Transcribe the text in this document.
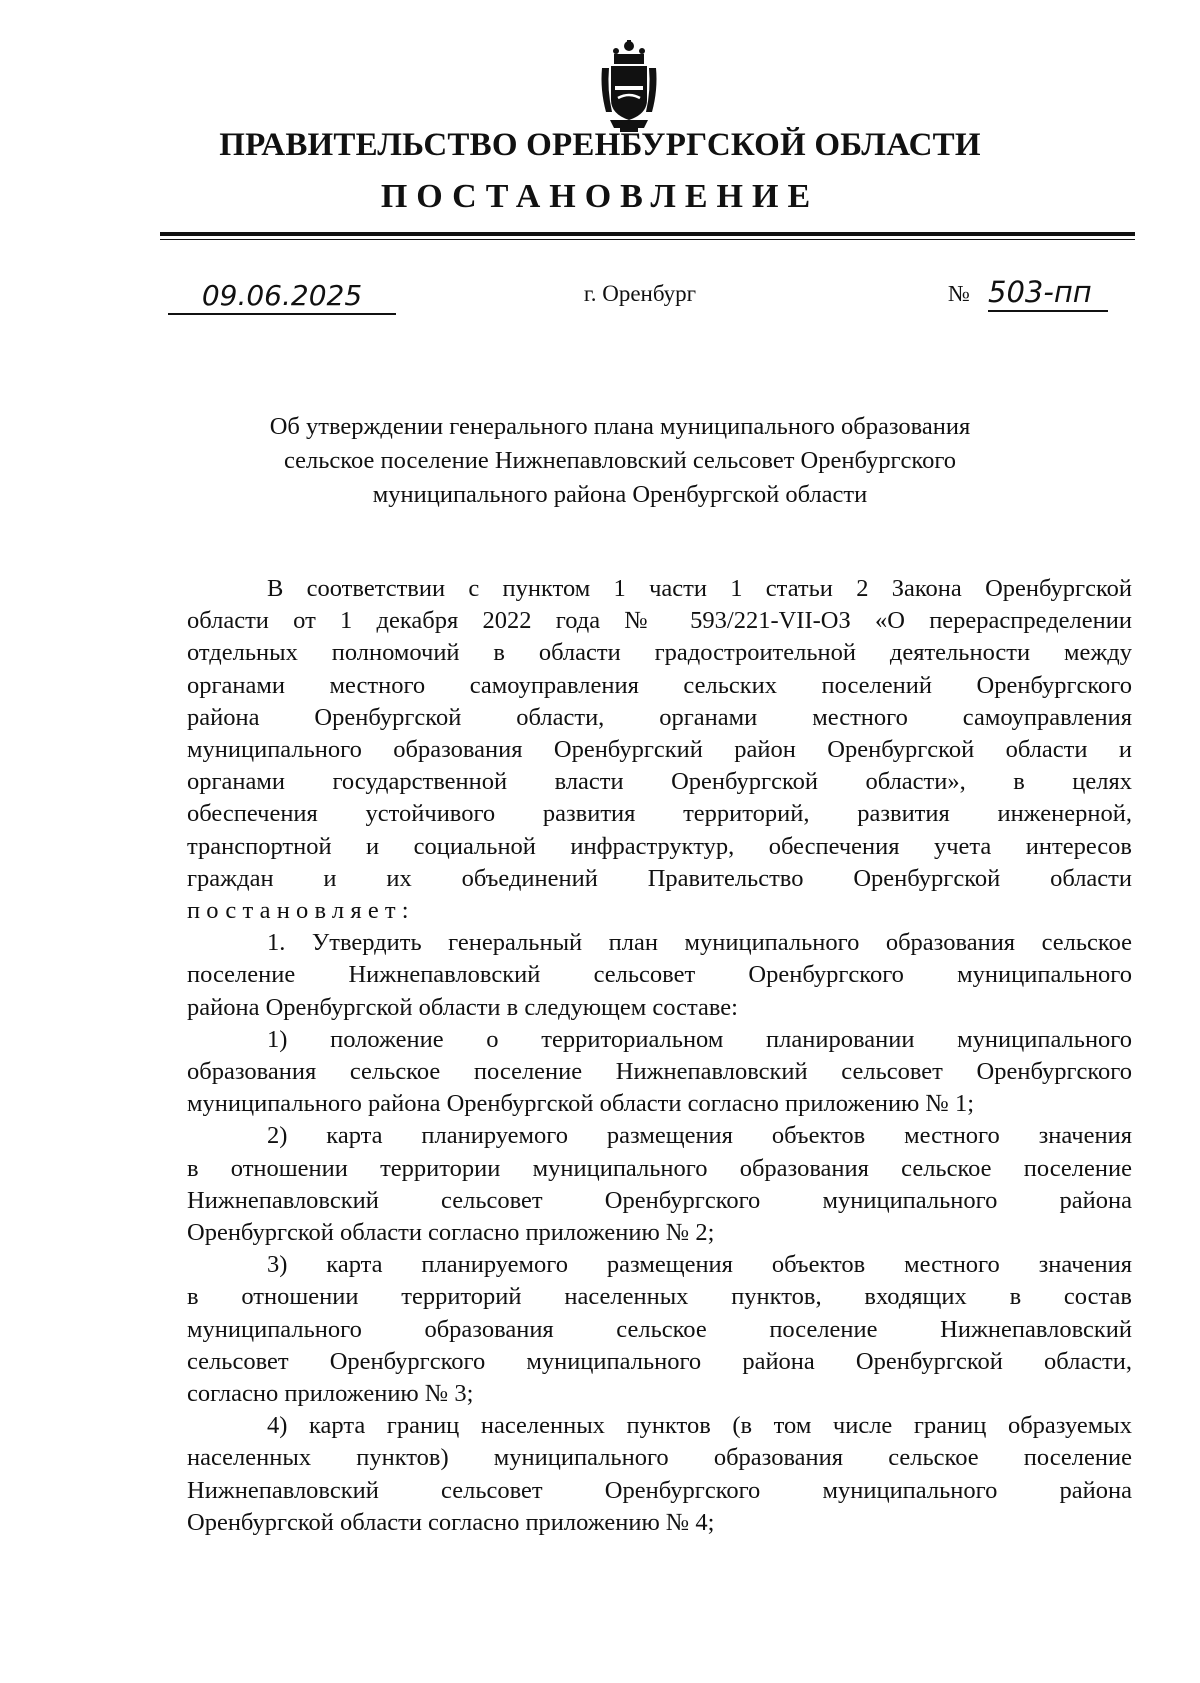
ПРАВИТЕЛЬСТВО ОРЕНБУРГСКОЙ ОБЛАСТИ
ПОСТАНОВЛЕНИЕ
09.06.2025	г. Оренбург	№ 503-пп
Об утверждении генерального плана муниципального образования
сельское поселение Нижнепавловский сельсовет Оренбургского
муниципального района Оренбургской области
В соответствии с пунктом 1 части 1 статьи 2 Закона Оренбургской
области от 1 декабря 2022 года № 593/221-VII-ОЗ «О перераспределении
отдельных полномочий в области градостроительной деятельности между
органами местного самоуправления сельских поселений Оренбургского
района Оренбургской области, органами местного самоуправления
муниципального образования Оренбургский район Оренбургской области и
органами государственной власти Оренбургской области», в целях
обеспечения устойчивого развития территорий, развития инженерной,
транспортной и социальной инфраструктур, обеспечения учета интересов
граждан и их объединений Правительство Оренбургской области
постановляет:
1. Утвердить генеральный план муниципального образования сельское
поселение Нижнепавловский сельсовет Оренбургского муниципального
района Оренбургской области в следующем составе:
1) положение о территориальном планировании муниципального
образования сельское поселение Нижнепавловский сельсовет Оренбургского
муниципального района Оренбургской области согласно приложению № 1;
2) карта планируемого размещения объектов местного значения
в отношении территории муниципального образования сельское поселение
Нижнепавловский сельсовет Оренбургского муниципального района
Оренбургской области согласно приложению № 2;
3) карта планируемого размещения объектов местного значения
в отношении территорий населенных пунктов, входящих в состав
муниципального образования сельское поселение Нижнепавловский
сельсовет Оренбургского муниципального района Оренбургской области,
согласно приложению № 3;
4) карта границ населенных пунктов (в том числе границ образуемых
населенных пунктов) муниципального образования сельское поселение
Нижнепавловский сельсовет Оренбургского муниципального района
Оренбургской области согласно приложению № 4;
